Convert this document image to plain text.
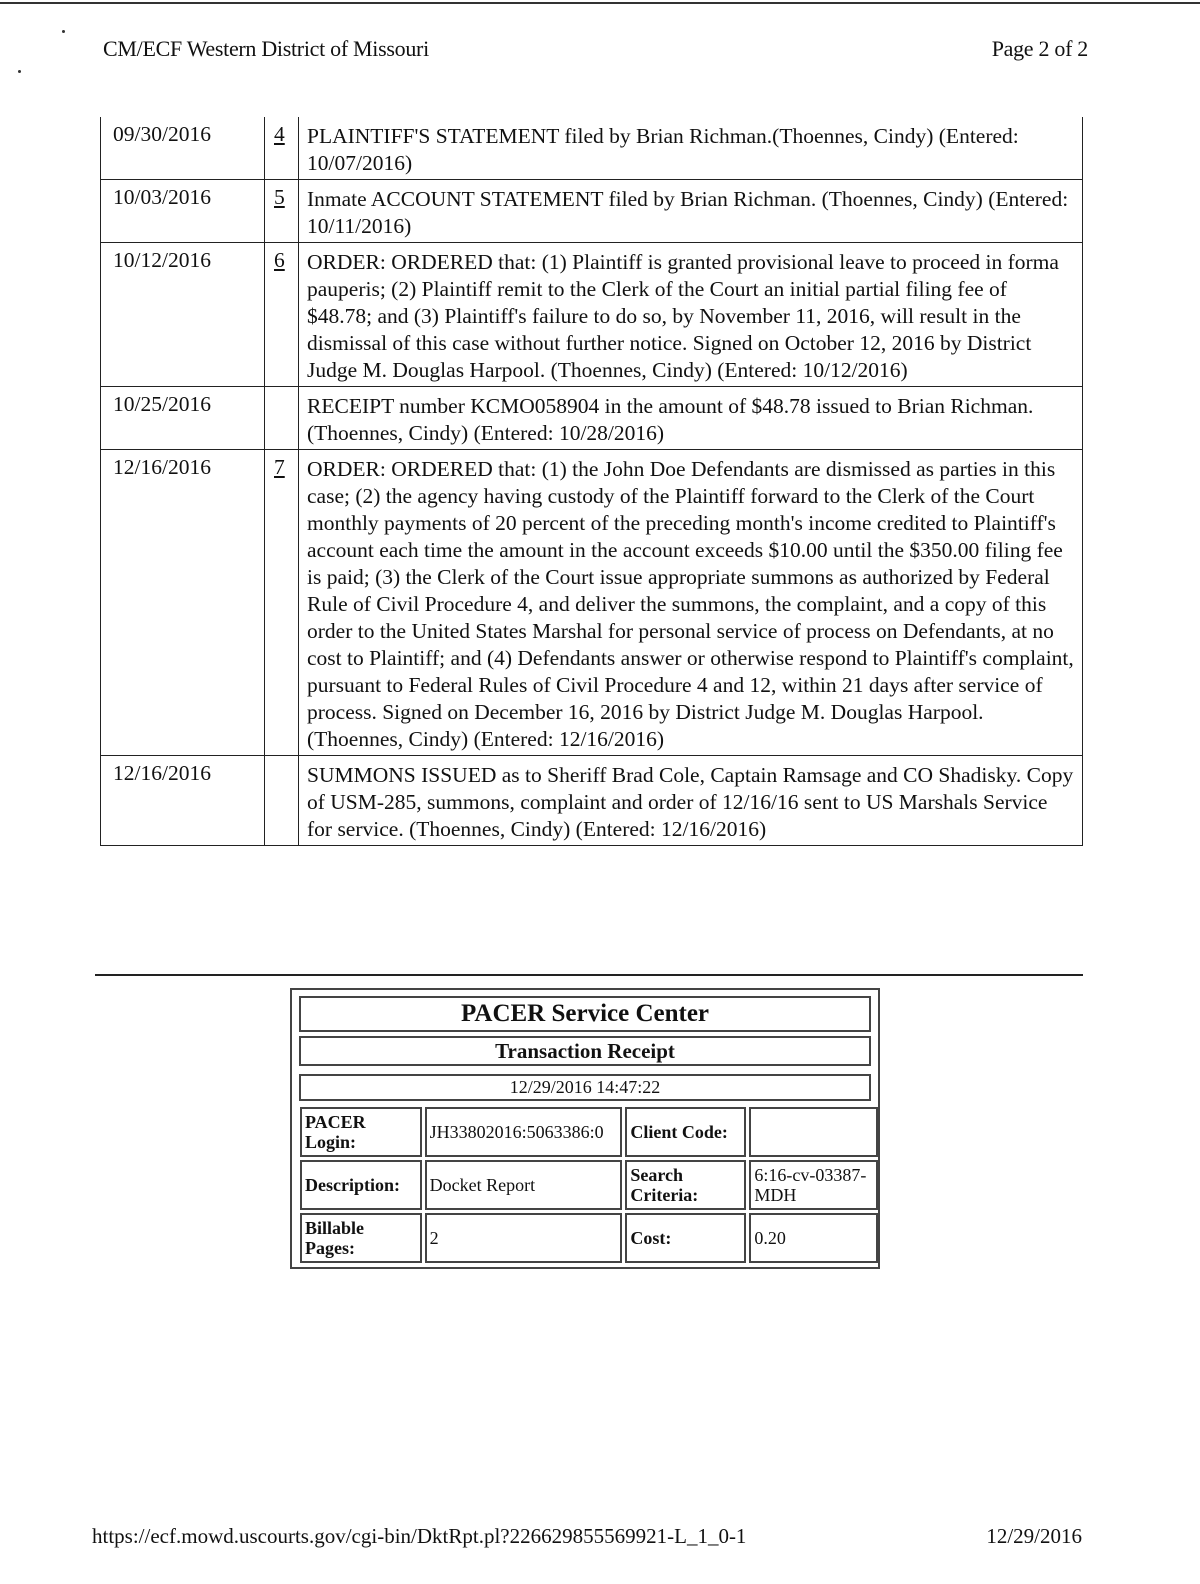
CM/ECF Western District of Missouri	Page 2 of 2
09/30/2016	4	PLAINTIFF'S STATEMENT filed by Brian Richman.(Thoennes, Cindy) (Entered: 10/07/2016)
10/03/2016	5	Inmate ACCOUNT STATEMENT filed by Brian Richman. (Thoennes, Cindy) (Entered: 10/11/2016)
10/12/2016	6	ORDER: ORDERED that: (1) Plaintiff is granted provisional leave to proceed in forma pauperis; (2) Plaintiff remit to the Clerk of the Court an initial partial filing fee of $48.78; and (3) Plaintiff's failure to do so, by November 11, 2016, will result in the dismissal of this case without further notice. Signed on October 12, 2016 by District Judge M. Douglas Harpool. (Thoennes, Cindy) (Entered: 10/12/2016)
10/25/2016		RECEIPT number KCMO058904 in the amount of $48.78 issued to Brian Richman. (Thoennes, Cindy) (Entered: 10/28/2016)
12/16/2016	7	ORDER: ORDERED that: (1) the John Doe Defendants are dismissed as parties in this case; (2) the agency having custody of the Plaintiff forward to the Clerk of the Court monthly payments of 20 percent of the preceding month's income credited to Plaintiff's account each time the amount in the account exceeds $10.00 until the $350.00 filing fee is paid; (3) the Clerk of the Court issue appropriate summons as authorized by Federal Rule of Civil Procedure 4, and deliver the summons, the complaint, and a copy of this order to the United States Marshal for personal service of process on Defendants, at no cost to Plaintiff; and (4) Defendants answer or otherwise respond to Plaintiff's complaint, pursuant to Federal Rules of Civil Procedure 4 and 12, within 21 days after service of process. Signed on December 16, 2016 by District Judge M. Douglas Harpool. (Thoennes, Cindy) (Entered: 12/16/2016)
12/16/2016		SUMMONS ISSUED as to Sheriff Brad Cole, Captain Ramsage and CO Shadisky. Copy of USM-285, summons, complaint and order of 12/16/16 sent to US Marshals Service for service. (Thoennes, Cindy) (Entered: 12/16/2016)
PACER Service Center
Transaction Receipt
12/29/2016 14:47:22
PACER Login:	JH33802016:5063386:0	Client Code:	
Description:	Docket Report	Search Criteria:	6:16-cv-03387-MDH
Billable Pages:	2	Cost:	0.20
https://ecf.mowd.uscourts.gov/cgi-bin/DktRpt.pl?226629855569921-L_1_0-1	12/29/2016
